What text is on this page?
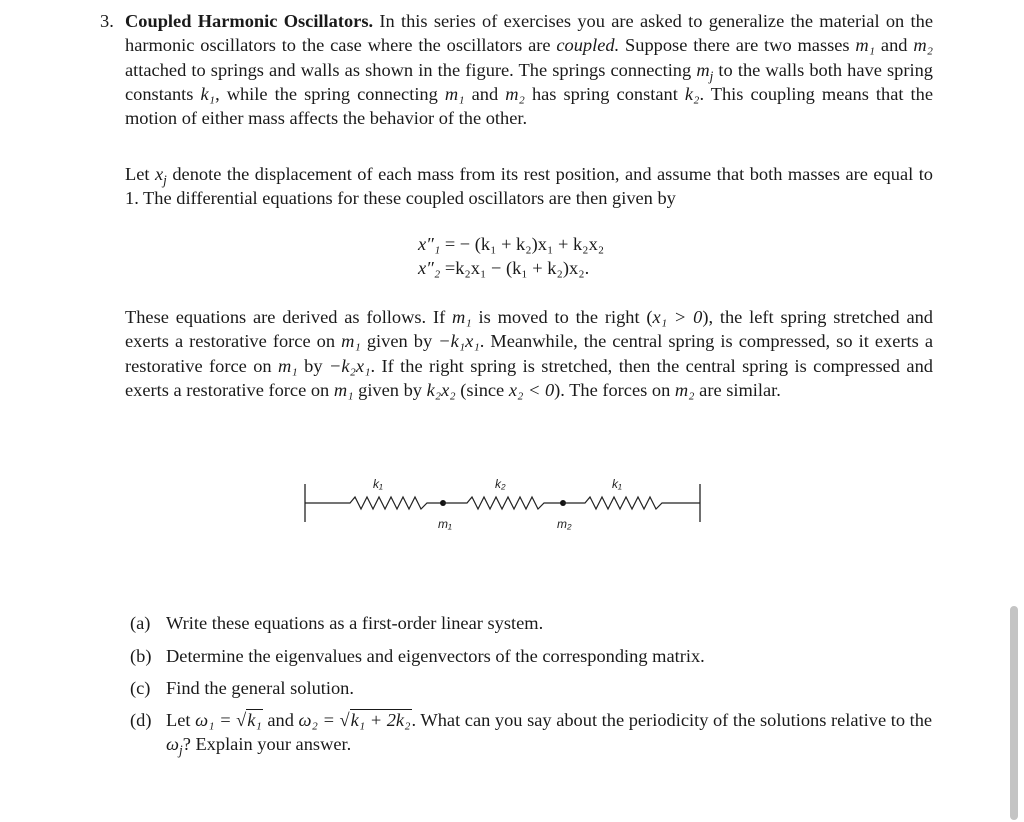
3. Coupled Harmonic Oscillators. In this series of exercises you are asked to generalize the material on the harmonic oscillators to the case where the oscillators are coupled. Suppose there are two masses m₁ and m₂ attached to springs and walls as shown in the figure. The springs connecting $m_j$ to the walls both have spring constants k₁, while the spring connecting m₁ and m₂ has spring constant k₂. This coupling means that the motion of either mass affects the behavior of the other.
Let $x_j$ denote the displacement of each mass from its rest position, and assume that both masses are equal to 1. The differential equations for these coupled oscillators are then given by
x″₁ = − (k₁ + k₂)x₁ + k₂x₂
x″₂ =k₂x₁ − (k₁ + k₂)x₂.
These equations are derived as follows. If m₁ is moved to the right (x₁ > 0), the left spring stretched and exerts a restorative force on m₁ given by −k₁x₁. Meanwhile, the central spring is compressed, so it exerts a restorative force on m₁ by −k₂x₁. If the right spring is stretched, then the central spring is compressed and exerts a restorative force on m₁ given by k₂x₂ (since x₂ < 0). The forces on m₂ are similar.
k₁	k₂	k₁
m₁	m₂
(a) Write these equations as a first-order linear system.
(b) Determine the eigenvalues and eigenvectors of the corresponding matrix.
(c) Find the general solution.
(d) Let ω₁ = √k₁ and ω₂ = √k₁ + 2k₂. What can you say about the periodicity of the solutions relative to the $\omega_j$? Explain your answer.
